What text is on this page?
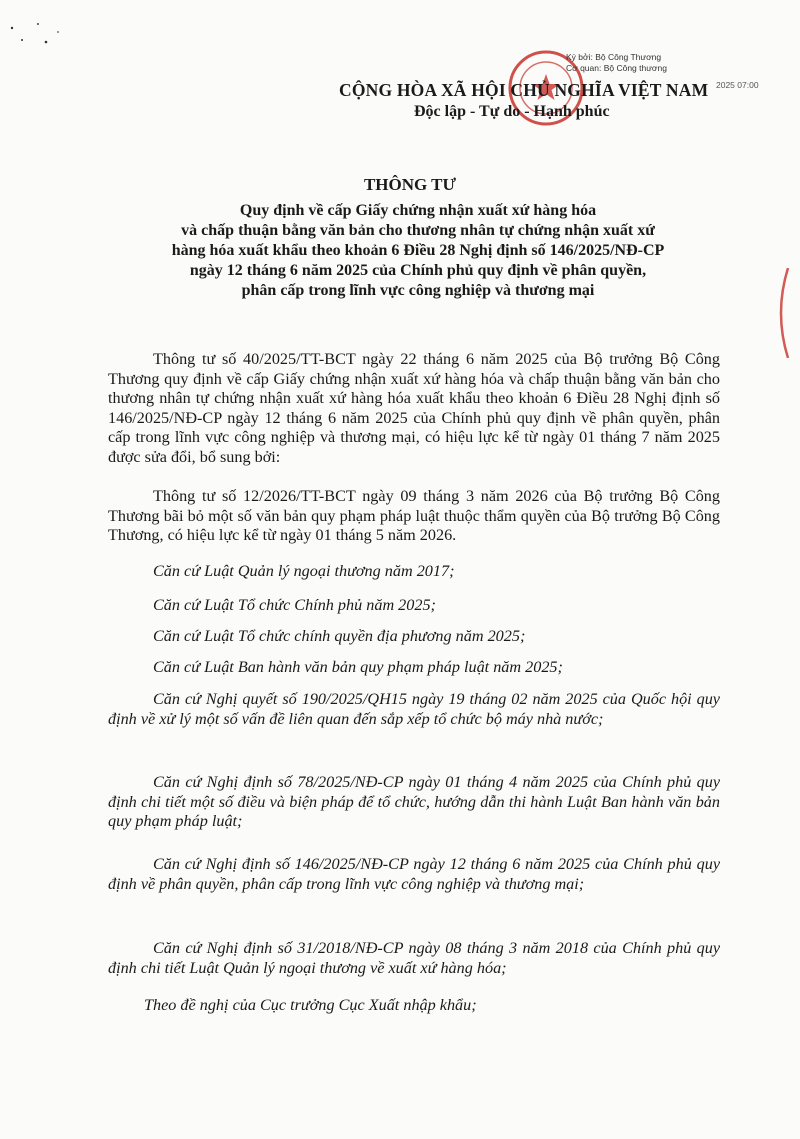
Ký bởi: Bộ Công Thương
Cơ quan: Bộ Công thương
2025 07:00
CỘNG HÒA XÃ HỘI CHỦ NGHĨA VIỆT NAM
Độc lập - Tự do - Hạnh phúc
THÔNG TƯ
Quy định về cấp Giấy chứng nhận xuất xứ hàng hóa
và chấp thuận bằng văn bản cho thương nhân tự chứng nhận xuất xứ
hàng hóa xuất khẩu theo khoản 6 Điều 28 Nghị định số 146/2025/NĐ-CP
ngày 12 tháng 6 năm 2025 của Chính phủ quy định về phân quyền,
phân cấp trong lĩnh vực công nghiệp và thương mại
Thông tư số 40/2025/TT-BCT ngày 22 tháng 6 năm 2025 của Bộ trưởng Bộ Công Thương quy định về cấp Giấy chứng nhận xuất xứ hàng hóa và chấp thuận bằng văn bản cho thương nhân tự chứng nhận xuất xứ hàng hóa xuất khẩu theo khoản 6 Điều 28 Nghị định số 146/2025/NĐ-CP ngày 12 tháng 6 năm 2025 của Chính phủ quy định về phân quyền, phân cấp trong lĩnh vực công nghiệp và thương mại, có hiệu lực kể từ ngày 01 tháng 7 năm 2025 được sửa đổi, bổ sung bởi:
Thông tư số 12/2026/TT-BCT ngày 09 tháng 3 năm 2026 của Bộ trưởng Bộ Công Thương bãi bỏ một số văn bản quy phạm pháp luật thuộc thẩm quyền của Bộ trưởng Bộ Công Thương, có hiệu lực kể từ ngày 01 tháng 5 năm 2026.
Căn cứ Luật Quản lý ngoại thương năm 2017;
Căn cứ Luật Tổ chức Chính phủ năm 2025;
Căn cứ Luật Tổ chức chính quyền địa phương năm 2025;
Căn cứ Luật Ban hành văn bản quy phạm pháp luật năm 2025;
Căn cứ Nghị quyết số 190/2025/QH15 ngày 19 tháng 02 năm 2025 của Quốc hội quy định về xử lý một số vấn đề liên quan đến sắp xếp tổ chức bộ máy nhà nước;
Căn cứ Nghị định số 78/2025/NĐ-CP ngày 01 tháng 4 năm 2025 của Chính phủ quy định chi tiết một số điều và biện pháp để tổ chức, hướng dẫn thi hành Luật Ban hành văn bản quy phạm pháp luật;
Căn cứ Nghị định số 146/2025/NĐ-CP ngày 12 tháng 6 năm 2025 của Chính phủ quy định về phân quyền, phân cấp trong lĩnh vực công nghiệp và thương mại;
Căn cứ Nghị định số 31/2018/NĐ-CP ngày 08 tháng 3 năm 2018 của Chính phủ quy định chi tiết Luật Quản lý ngoại thương về xuất xứ hàng hóa;
Theo đề nghị của Cục trưởng Cục Xuất nhập khẩu;
